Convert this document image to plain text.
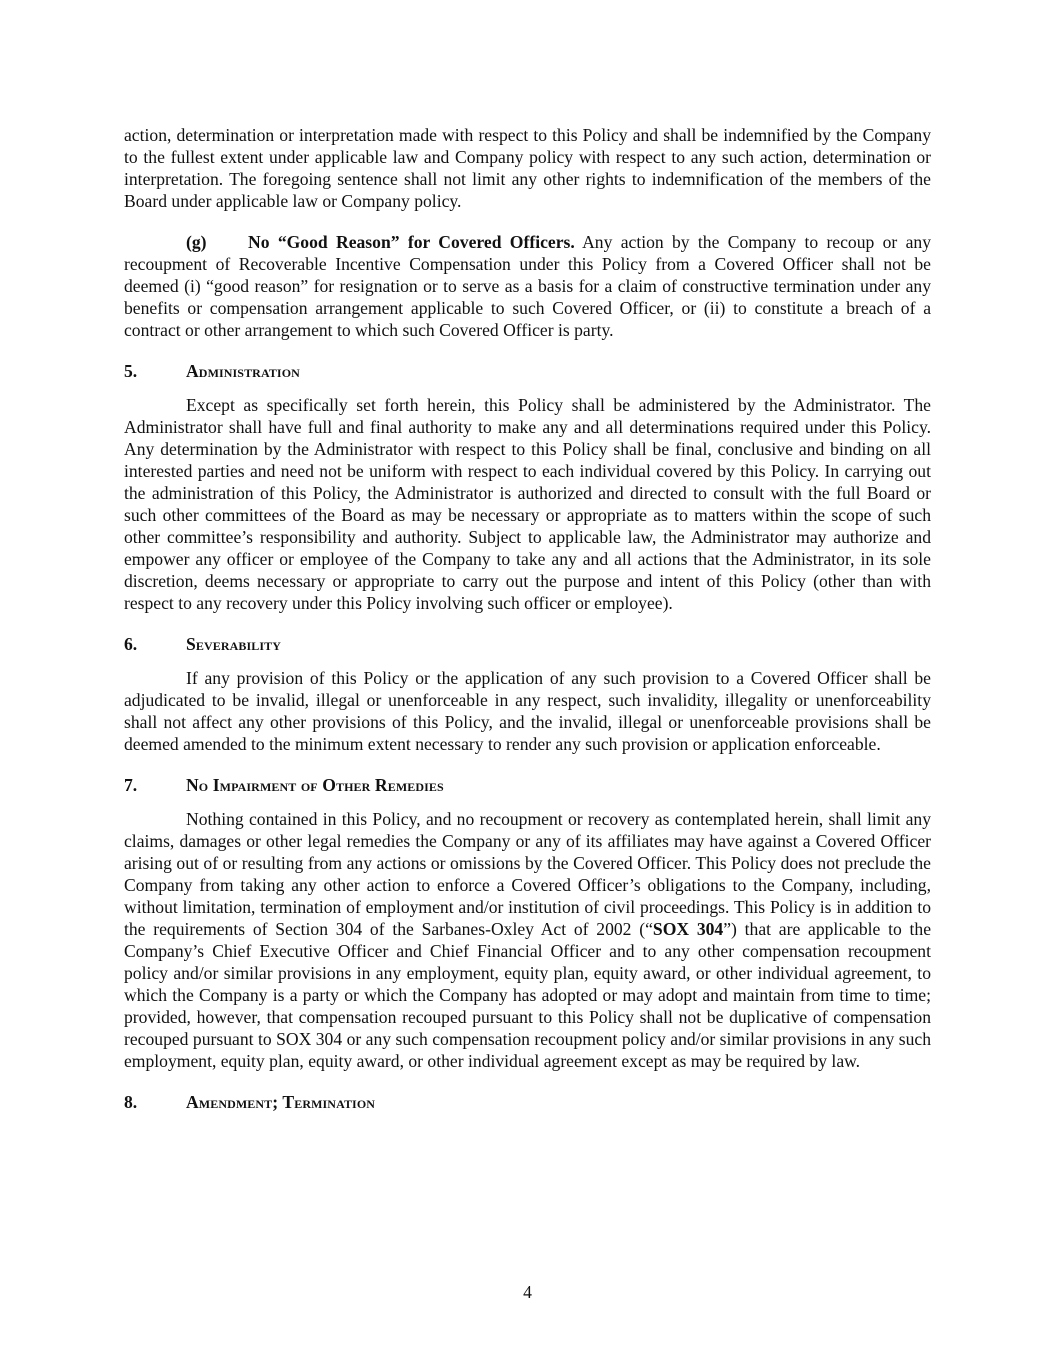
action, determination or interpretation made with respect to this Policy and shall be indemnified by the Company to the fullest extent under applicable law and Company policy with respect to any such action, determination or interpretation. The foregoing sentence shall not limit any other rights to indemnification of the members of the Board under applicable law or Company policy.

(g) No “Good Reason” for Covered Officers. Any action by the Company to recoup or any recoupment of Recoverable Incentive Compensation under this Policy from a Covered Officer shall not be deemed (i) “good reason” for resignation or to serve as a basis for a claim of constructive termination under any benefits or compensation arrangement applicable to such Covered Officer, or (ii) to constitute a breach of a contract or other arrangement to which such Covered Officer is party.

5.	Administration

Except as specifically set forth herein, this Policy shall be administered by the Administrator. The Administrator shall have full and final authority to make any and all determinations required under this Policy. Any determination by the Administrator with respect to this Policy shall be final, conclusive and binding on all interested parties and need not be uniform with respect to each individual covered by this Policy. In carrying out the administration of this Policy, the Administrator is authorized and directed to consult with the full Board or such other committees of the Board as may be necessary or appropriate as to matters within the scope of such other committee’s responsibility and authority. Subject to applicable law, the Administrator may authorize and empower any officer or employee of the Company to take any and all actions that the Administrator, in its sole discretion, deems necessary or appropriate to carry out the purpose and intent of this Policy (other than with respect to any recovery under this Policy involving such officer or employee).

6.	Severability

If any provision of this Policy or the application of any such provision to a Covered Officer shall be adjudicated to be invalid, illegal or unenforceable in any respect, such invalidity, illegality or unenforceability shall not affect any other provisions of this Policy, and the invalid, illegal or unenforceable provisions shall be deemed amended to the minimum extent necessary to render any such provision or application enforceable.

7.	No Impairment of Other Remedies

Nothing contained in this Policy, and no recoupment or recovery as contemplated herein, shall limit any claims, damages or other legal remedies the Company or any of its affiliates may have against a Covered Officer arising out of or resulting from any actions or omissions by the Covered Officer. This Policy does not preclude the Company from taking any other action to enforce a Covered Officer’s obligations to the Company, including, without limitation, termination of employment and/or institution of civil proceedings. This Policy is in addition to the requirements of Section 304 of the Sarbanes-Oxley Act of 2002 (“SOX 304”) that are applicable to the Company’s Chief Executive Officer and Chief Financial Officer and to any other compensation recoupment policy and/or similar provisions in any employment, equity plan, equity award, or other individual agreement, to which the Company is a party or which the Company has adopted or may adopt and maintain from time to time; provided, however, that compensation recouped pursuant to this Policy shall not be duplicative of compensation recouped pursuant to SOX 304 or any such compensation recoupment policy and/or similar provisions in any such employment, equity plan, equity award, or other individual agreement except as may be required by law.

8.	Amendment; Termination
4
